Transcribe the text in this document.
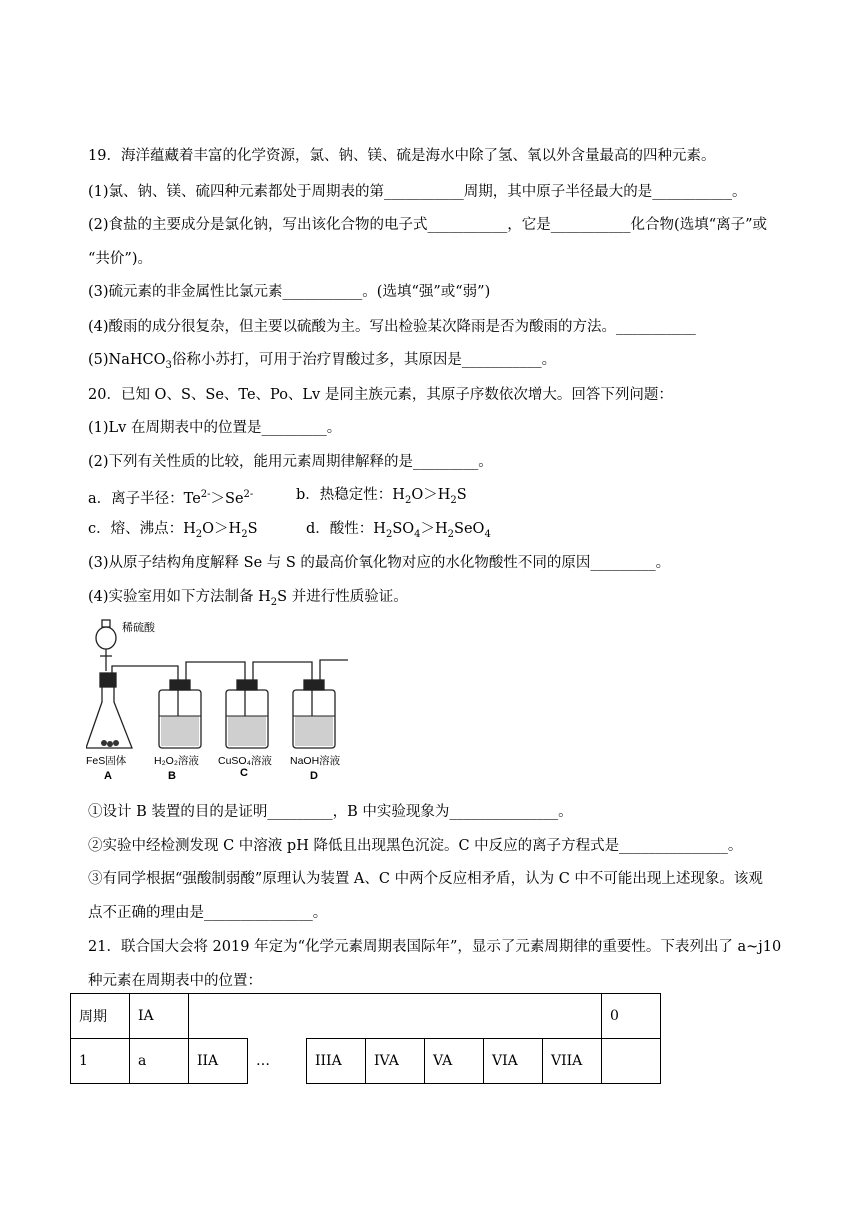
19．海洋蕴藏着丰富的化学资源，氯、钠、镁、硫是海水中除了氢、氧以外含量最高的四种元素。
(1)氯、钠、镁、硫四种元素都处于周期表的第___________周期，其中原子半径最大的是___________。
(2)食盐的主要成分是氯化钠，写出该化合物的电子式___________，它是___________化合物(选填“离子”或
“共价”)。
(3)硫元素的非金属性比氯元素___________。(选填“强”或“弱”)
(4)酸雨的成分很复杂，但主要以硫酸为主。写出检验某次降雨是否为酸雨的方法。___________
(5)NaHCO$_3$俗称小苏打，可用于治疗胃酸过多，其原因是___________。
20．已知 O、S、Se、Te、Po、Lv 是同主族元素，其原子序数依次增大。回答下列问题：
(1)Lv 在周期表中的位置是_________。
(2)下列有关性质的比较，能用元素周期律解释的是_________。
a．离子半径：$Te^{2-}>Se^{2-}$	b．热稳定性：$H_2O>H_2S$
c．熔、沸点：$H_2O>H_2S$	d．酸性：$H_2SO_4>H_2SeO_4$
(3)从原子结构角度解释 Se 与 S 的最高价氧化物对应的水化物酸性不同的原因_________。
(4)实验室用如下方法制备 $H_2S$ 并进行性质验证。
稀硫酸
FeS固体	H₂O₂溶液 CuSO₄溶液 NaOH溶液
A	B	C	D
①设计 B 装置的目的是证明_________，B 中实验现象为_______________。
②实验中经检测发现 C 中溶液 pH 降低且出现黑色沉淀。C 中反应的离子方程式是_______________。
③有同学根据“强酸制弱酸”原理认为装置 A、C 中两个反应相矛盾，认为 C 中不可能出现上述现象。该观
点不正确的理由是_______________。
21．联合国大会将 2019 年定为“化学元素周期表国际年”，显示了元素周期律的重要性。下表列出了 a~j10
种元素在周期表中的位置：
周期	IA								0
1	a	IIA	…	IIIA	IVA	VA	VIA	VIIA	
